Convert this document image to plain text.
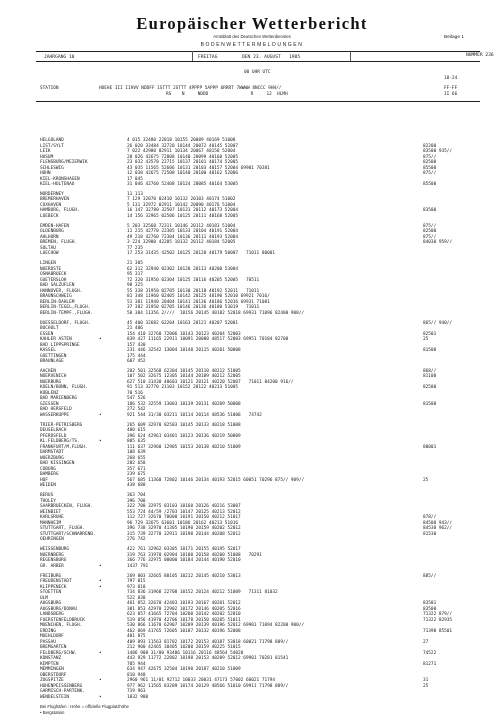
Europäischer Wetterbericht
Amtsblatt des Deutschen Wetterdienstes
BODENWETTERMELDUNGEN
Beilage 1
JAHRGANG 10	FREITAG	DEN 23. AUGUST   1985	NUMMER 236
00 UHR UTC
STATION	HOEHE III IIHVV NDDFF 1STTT 2STTT 4PPPP 5APPP 6RRRT 7WWWW 8NCCC 9HH//
RS    N     NDDD                R     12  HLMH
18-24
FF-FF
II 66
HELGOLAND	4 015 32480 22818 10155 20089 40169 51008
LIST/SYLT	26 020 33484 32720 10144 20072 40145 52007	82200
LEIK	7 022 42980 02911 10134 20067 40158 52004	83500 935//
HUSUM	28 026 42675 72808 10140 20099 40160 52005	875//
FLENSBURG/MEIERWIK	23 032 43570 22715 10137 20101 40174 52005	82500
SCHLESWIG	43 035 11565 52606 10131 20103 40157 52004 69901 70381	85500
HOHN	12 038 42675 72508 10140 20100 40162 52006	875//
KIEL-KRONSHAGEN	17 045
KIEL-HOLTENAU	31 046 42760 52408 10124 20085 40164 53005	85500
NORDERNEY	11 113
BREMERHAVEN	7 129 32070 02410 10132 20103 40174 51002
CUXHAVEN	5 131 32972 02911 10142 20090 40176 51004
HAMBURG, FLUGH.	16 147 32780 32507 10131 20112 40173 52004	83500
LUEBECK	14 156 32965 02506 10125 20111 40168 52005
EMDEN-HAFEN	5 203 32560 72311 10146 20112 40183 51004	875//
OLDENBURG	11 215 42770 22305 10133 20104 40191 52004	82500
AHLHORN	49 218 42760 72304 10136 20111 40193 52004	875//
BREMEN, FLUGH.	3 224 32980 42205 10132 20112 40184 52005	84030 959//
SOLTAU	77 235
LUECHOW	17 253 31435 42502 10125 20120 40179 50007   71011 80001
LINGEN	21 305
NOERDSTE	62 312 32940 02302 10120 20113 40200 53004
OSNABRUECK	95 317
GUETERSLOH	72 320 31950 02304 10125 20116 40205 52005   70511
BAD SALZUFLEN	98 325
HANNOVER, FLUGH.	55 338 31950 02705 10130 20118 40192 52011   71011
BRAUNSCHWEIG	81 348 11960 02405 10142 20125 40190 52010 69921 7016/
BERLIN-DAHLEM	51 381 11940 20404 10141 20136 40186 52016 69931 71081
BERLIN-TEGEL,FLUGH.	37 382 31950 02705 10146 20136 40180 53019   71011
BERLIN-TEMPF.,FLUGH.	50 384 11356 2////  10156 20145 40182 52018 69931 71096 82400 908//
DUESSELDORF, FLUGH.	45 400 32682 62204 10163 20121 40207 52001	865// 940//
BOCHOLT	21 406
ESSEN	154 410 32760 72006 10143 20123 40204 52003	82501
KAHLER ASTEN	•	839 427 11165 22911 10091 20080 48517 52003 69951 70184 82700	25
BAD LIPPSPRINGE	157 430
KASSEL	231 446 32542 13004 10148 20115 40201 50008	81500
GOETTINGEN	175 444
BRAUNLAGE	607 452
AACHEN	202 501 32568 62304 10145 20110 40212 51005	868//
NOERVENICH	107 502 32675 12305 10144 20109 40212 52005	81100
NUERBURG	627 510 31430 40603 10121 20121 40220 52007   71011 84200 916//
KOELN/BONN, FLUGH.	91 513 32770 21103 10152 20122 40213 51005	82500
KOBLENZ	70 516
BAD MARIENBERG	547 526
GIESSEN	186 532 32559 13003 10139 20131 40209 50008	81500
BAD HERSFELD	272 542
WASSERKUPPE	•	921 544 31/30 03211 10114 20114 48536 51008   74742
TRIER-PETRISBERG	265 609 32970 02503 10145 20133 40218 51008
DEUSELBACH	480 615
PFERDSFELD	396 624 42961 03401 10123 20136 40219 50009
KL.FELDBERG/TS.	•	805 635
FRANKFURT/M,FLUGH.	111 637 32960 12905 10153 20138 40210 51009	80001
DARMSTADT	108 639
WUERZBURG	268 655
BAD KISSINGEN	282 658
COBURG	357 671
BAMBERG	239 675
HOF	567 685 11360 72802 10146 20134 40193 52015 60051 70296 875// 909//	25
WEIDEN	438 688
BERUS	363 704
THOLEY	396 708
SAARBRUECKEN, FLUGH.	322 708 32975 03103 10160 20126 40216 53007
WEINBIET	553 724 44/59 /2703 10147 20125 40213 52012
KARLSRUHE	112 727 32670 70000 10191 20150 40212 51017	878//
MANNHEIM	96 729 32675 63601 10186 20162 40213 51016	84500 943//
STUTTGART, FLUGH.	396 738 32970 41305 10190 20159 40202 52012	84530 962//
STUTTGART/SCHNARRENB.	315 739 32770 32911 10190 20144 40208 52012	81530
OEHRINGEN	276 742
WEISSENBURG	422 761 32962 03305 10171 20155 40195 52017
NUERNBERG	319 763 31970 02904 10180 20158 40200 51008   70291
REGENSBURG	366 776 32975 00000 10184 20144 40190 52010
GR. ARBER	•	1437 791
FREIBURG	269 803 32665 80105 10212 20145 40210 53013	885//
FREUDENSTADT	•	797 815
KLIPPENECK	•	973 818
STOETTEN	734 836 31968 22708 10152 20124 40212 51009   71311 81032
ULM	522 838
AUGSBURG	461 852 32670 42403 10193 20167 40201 52012	83501
AUGSBURG/DONAU	381 853 42970 22902 10172 20146 40205 52016	83500
LANDSBERG	623 857 41665 72704 10200 20142 40202 52010	71322 879//
FUERSTENFELDBRUCK	519 856 41970 42706 10178 20150 40205 51011	71322 82935
MUENCHEN, FLUGH.	530 866 11670 62907 10209 20139 40196 52012 69901 71094 82200 900//
ERDING	462 869 41765 72605 10187 20132 40196 52008	71398 85501
MUEHLDORF	401 875
PASSAU	409 893 11563 81702 10172 20153 40187 53018 60021 71798 889//	27
BREMGARTEN	212 900 42465 30405 10200 20159 40225 51015
FELDBERG/SCHW.	•	1486 908 31/00 93406 10116 20116 48564 54020	74522
KONSTANZ	443 929 11772 22802 10198 20153 40209 52012 69901 70281 81541
KEMPTEN	705 944	81271
MEMMINGEN	634 947 42675 32504 10190 20187 40210 51009
OBERSTDORF	810 948
ZUGSPITZE	•	2960 961 11/01 92712 10033 20031 47173 57002 60021 71794	31
HOHENPEISSENBERG	977 962 11565 83209 10174 20129 48566 51010 69911 71798 889//	25
GARMISCH-PARTENK.	719 963
WENDELSTEIN	•	1832 980
Bei Flughäfen : Höhe = offizielle Flugplatzhöhe
• Bergstation
